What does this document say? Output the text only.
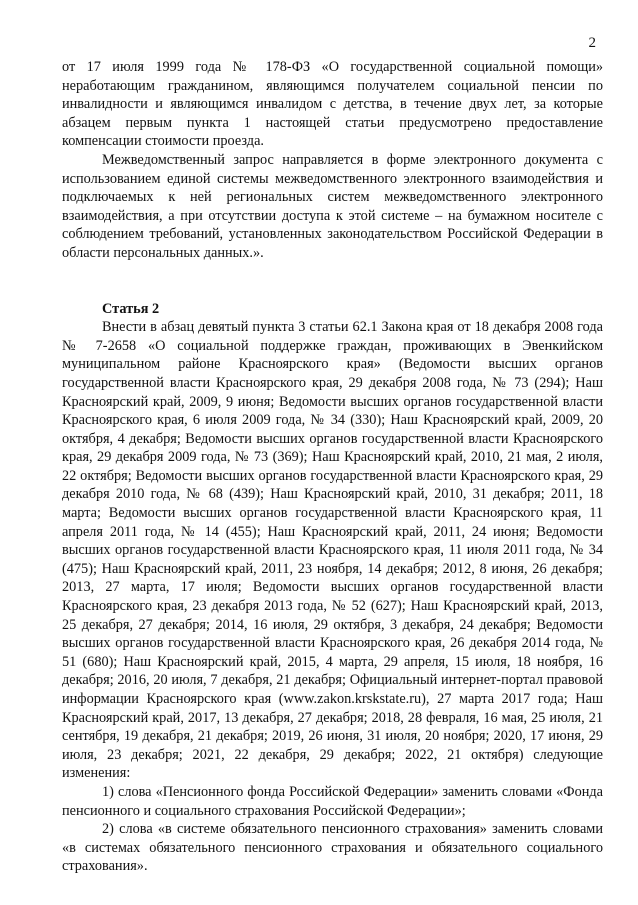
2

от 17 июля 1999 года № 178-ФЗ «О государственной социальной помощи» неработающим гражданином, являющимся получателем социальной пенсии по инвалидности и являющимся инвалидом с детства, в течение двух лет, за которые абзацем первым пункта 1 настоящей статьи предусмотрено предоставление компенсации стоимости проезда.

Межведомственный запрос направляется в форме электронного документа с использованием единой системы межведомственного электронного взаимодействия и подключаемых к ней региональных систем межведомственного электронного взаимодействия, а при отсутствии доступа к этой системе – на бумажном носителе с соблюдением требований, установленных законодательством Российской Федерации в области персональных данных.».

Статья 2

Внести в абзац девятый пункта 3 статьи 62.1 Закона края от 18 декабря 2008 года № 7-2658 «О социальной поддержке граждан, проживающих в Эвенкийском муниципальном районе Красноярского края» (Ведомости высших органов государственной власти Красноярского края, 29 декабря 2008 года, № 73 (294); Наш Красноярский край, 2009, 9 июня; Ведомости высших органов государственной власти Красноярского края, 6 июля 2009 года, № 34 (330); Наш Красноярский край, 2009, 20 октября, 4 декабря; Ведомости высших органов государственной власти Красноярского края, 29 декабря 2009 года, № 73 (369); Наш Красноярский край, 2010, 21 мая, 2 июля, 22 октября; Ведомости высших органов государственной власти Красноярского края, 29 декабря 2010 года, № 68 (439); Наш Красноярский край, 2010, 31 декабря; 2011, 18 марта; Ведомости высших органов государственной власти Красноярского края, 11 апреля 2011 года, № 14 (455); Наш Красноярский край, 2011, 24 июня; Ведомости высших органов государственной власти Красноярского края, 11 июля 2011 года, № 34 (475); Наш Красноярский край, 2011, 23 ноября, 14 декабря; 2012, 8 июня, 26 декабря; 2013, 27 марта, 17 июля; Ведомости высших органов государственной власти Красноярского края, 23 декабря 2013 года, № 52 (627); Наш Красноярский край, 2013, 25 декабря, 27 декабря; 2014, 16 июля, 29 октября, 3 декабря, 24 декабря; Ведомости высших органов государственной власти Красноярского края, 26 декабря 2014 года, № 51 (680); Наш Красноярский край, 2015, 4 марта, 29 апреля, 15 июля, 18 ноября, 16 декабря; 2016, 20 июля, 7 декабря, 21 декабря; Официальный интернет-портал правовой информации Красноярского края (www.zakon.krskstate.ru), 27 марта 2017 года; Наш Красноярский край, 2017, 13 декабря, 27 декабря; 2018, 28 февраля, 16 мая, 25 июля, 21 сентября, 19 декабря, 21 декабря; 2019, 26 июня, 31 июля, 20 ноября; 2020, 17 июня, 29 июля, 23 декабря; 2021, 22 декабря, 29 декабря; 2022, 21 октября) следующие изменения:

1) слова «Пенсионного фонда Российской Федерации» заменить словами «Фонда пенсионного и социального страхования Российской Федерации»;

2) слова «в системе обязательного пенсионного страхования» заменить словами «в системах обязательного пенсионного страхования и обязательного социального страхования».
